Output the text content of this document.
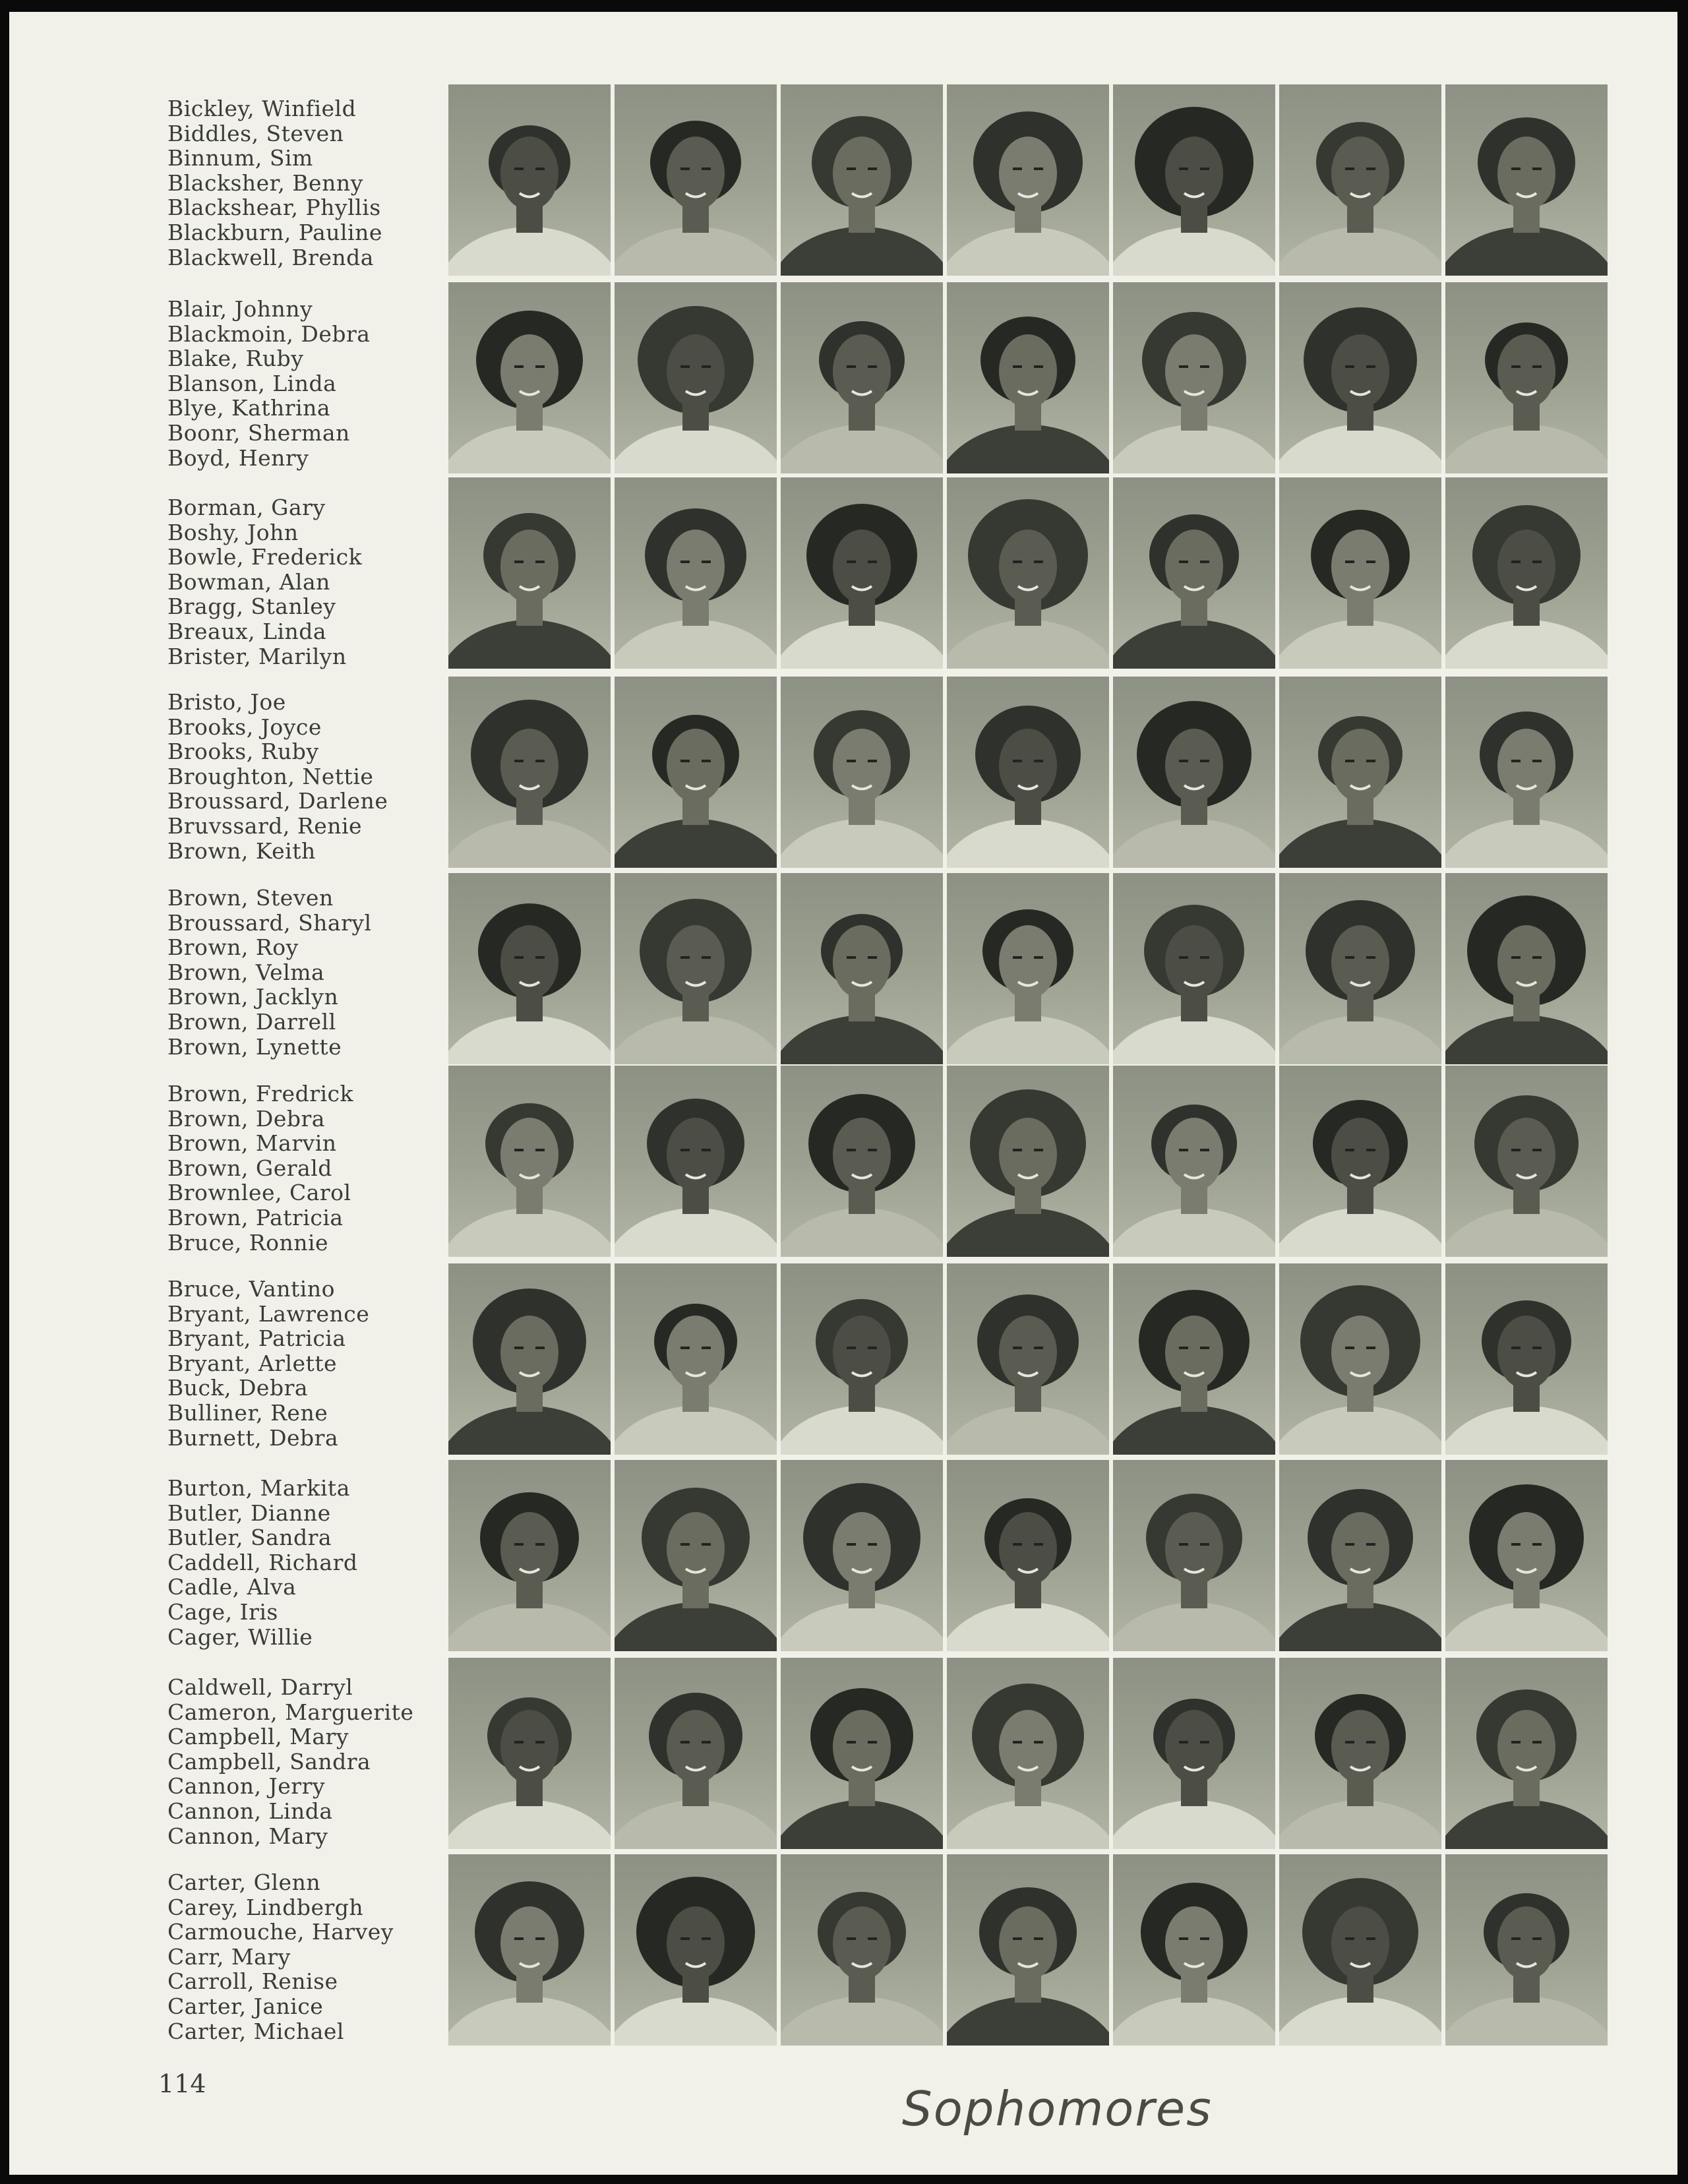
Bickley, Winfield
Biddles, Steven
Binnum, Sim
Blacksher, Benny
Blackshear, Phyllis
Blackburn, Pauline
Blackwell, Brenda
Blair, Johnny
Blackmoin, Debra
Blake, Ruby
Blanson, Linda
Blye, Kathrina
Boonr, Sherman
Boyd, Henry
Borman, Gary
Boshy, John
Bowle, Frederick
Bowman, Alan
Bragg, Stanley
Breaux, Linda
Brister, Marilyn
Bristo, Joe
Brooks, Joyce
Brooks, Ruby
Broughton, Nettie
Broussard, Darlene
Bruvssard, Renie
Brown, Keith
Brown, Steven
Broussard, Sharyl
Brown, Roy
Brown, Velma
Brown, Jacklyn
Brown, Darrell
Brown, Lynette
Brown, Fredrick
Brown, Debra
Brown, Marvin
Brown, Gerald
Brownlee, Carol
Brown, Patricia
Bruce, Ronnie
Bruce, Vantino
Bryant, Lawrence
Bryant, Patricia
Bryant, Arlette
Buck, Debra
Bulliner, Rene
Burnett, Debra
Burton, Markita
Butler, Dianne
Butler, Sandra
Caddell, Richard
Cadle, Alva
Cage, Iris
Cager, Willie
Caldwell, Darryl
Cameron, Marguerite
Campbell, Mary
Campbell, Sandra
Cannon, Jerry
Cannon, Linda
Cannon, Mary
Carter, Glenn
Carey, Lindbergh
Carmouche, Harvey
Carr, Mary
Carroll, Renise
Carter, Janice
Carter, Michael
114	Sophomores
